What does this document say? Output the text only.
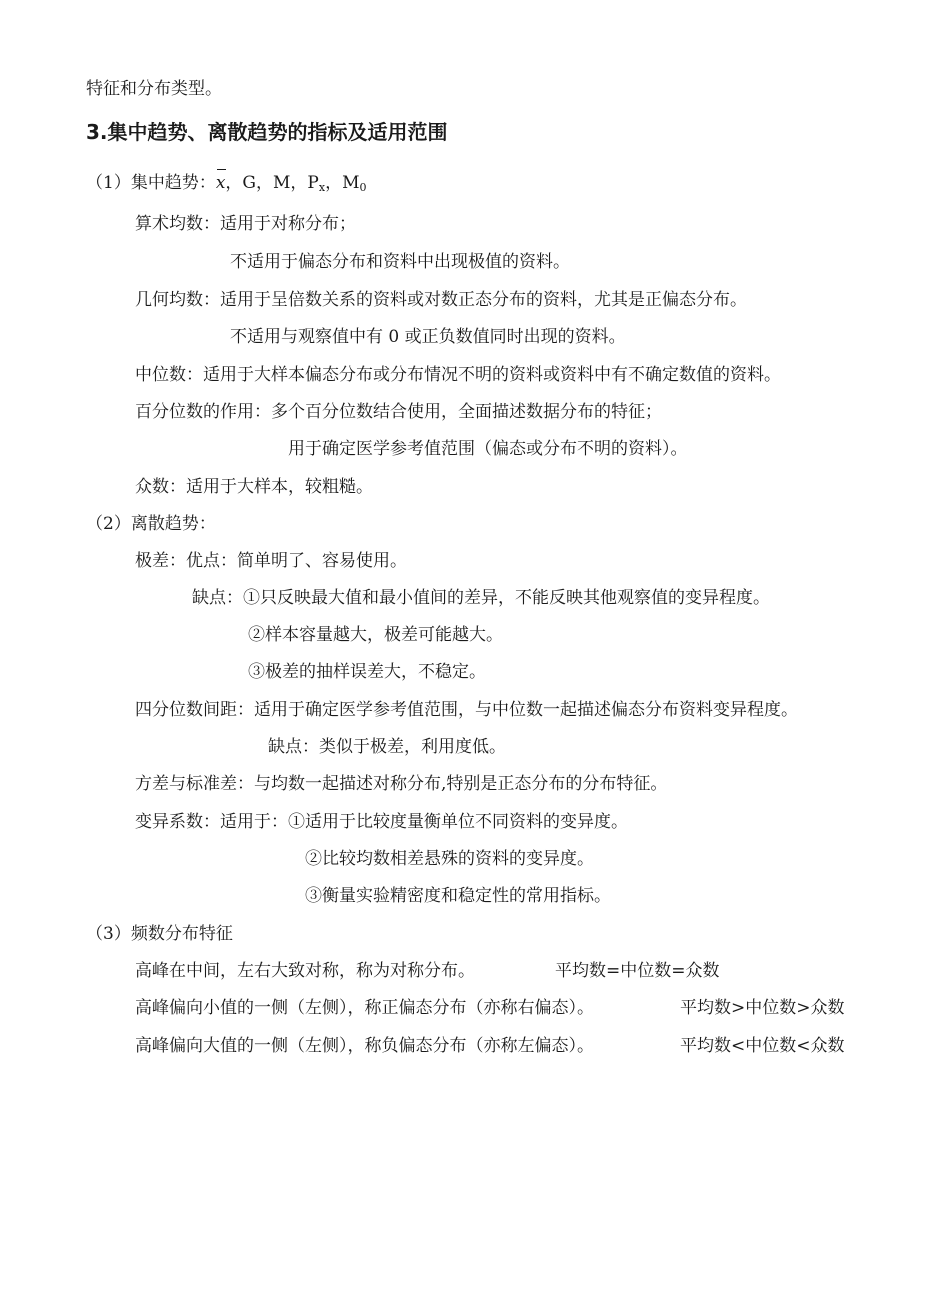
特征和分布类型。
3.集中趋势、离散趋势的指标及适用范围
（1）集中趋势：x，G，M，$P_x$，$M_0$
算术均数：适用于对称分布；
不适用于偏态分布和资料中出现极值的资料。
几何均数：适用于呈倍数关系的资料或对数正态分布的资料，尤其是正偏态分布。
不适用与观察值中有 0 或正负数值同时出现的资料。
中位数：适用于大样本偏态分布或分布情况不明的资料或资料中有不确定数值的资料。
百分位数的作用：多个百分位数结合使用，全面描述数据分布的特征；
用于确定医学参考值范围（偏态或分布不明的资料）。
众数：适用于大样本，较粗糙。
（2）离散趋势：
极差：优点：简单明了、容易使用。
缺点：①只反映最大值和最小值间的差异，不能反映其他观察值的变异程度。
②样本容量越大，极差可能越大。
③极差的抽样误差大，不稳定。
四分位数间距：适用于确定医学参考值范围，与中位数一起描述偏态分布资料变异程度。
缺点：类似于极差，利用度低。
方差与标准差：与均数一起描述对称分布,特别是正态分布的分布特征。
变异系数：适用于：①适用于比较度量衡单位不同资料的变异度。
②比较均数相差悬殊的资料的变异度。
③衡量实验精密度和稳定性的常用指标。
（3）频数分布特征
高峰在中间，左右大致对称，称为对称分布。	平均数=中位数=众数
高峰偏向小值的一侧（左侧），称正偏态分布（亦称右偏态）。	平均数>中位数>众数
高峰偏向大值的一侧（左侧），称负偏态分布（亦称左偏态）。	平均数<中位数<众数
